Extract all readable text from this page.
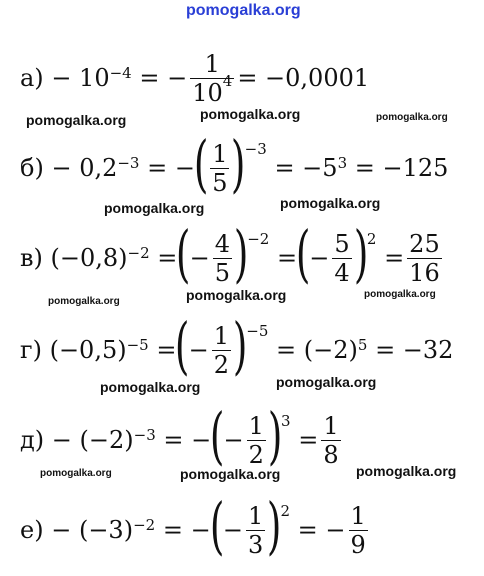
pomogalka.org
pomogalka.org	pomogalka.org	pomogalka.org
pomogalka.org	pomogalka.org
pomogalka.org	pomogalka.org	pomogalka.org
pomogalka.org	pomogalka.org
pomogalka.org	pomogalka.org	pomogalka.org
а)
− $10^{-4}$
= − $\frac{1}{10^4} = -0,0001$
б)
− $0,2^{-3}$
= −
( $\frac{1}{5}$ )
$^{-3}$

= $-5^3$
= −125
в)
$(-0,8)^{-2}$
=
(
− $\frac{4}{5}$ )
$^{-2}$

=
(
− $\frac{5}{4}$ )
$^2$

= $\frac{25}{16}$
г)
$(-0,5)^{-5}$
=
(
− $\frac{1}{2}$ )
$^{-5}$

= $(-2)^5$
= −32
д)
− $(-2)^{-3}$
= −
(
− $\frac{1}{2}$ )
$^3$

= $\frac{1}{8}$
е)
− $(-3)^{-2}$
= −
(
− $\frac{1}{3}$ )
$^2$

= − $\frac{1}{9}$
